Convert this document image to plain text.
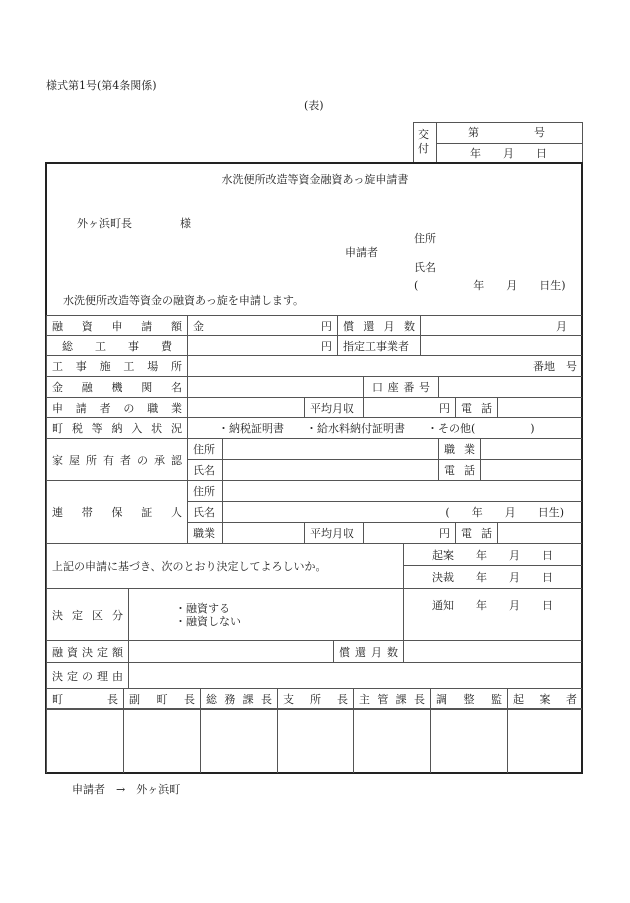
様式第1号(第4条関係)
(表)
交付
第　　　　　号
年　　月　　日
水洗便所改造等資金融資あっ旋申請書
外ヶ浜町長	様
住所
申請者
氏名
(　　　　　年　　月　　日生)
水洗便所改造等資金の融資あっ旋を申請します。
融資申請額 金	円 償還月数	月
総工事費	円	指定工事業者
工事施工場所	番地　号
金融機関名	口座番号
申請者の職業	平均月収	円	電話
町税等納入状況	・納税証明書 ・給水料納付証明書 ・その他(　　　　　)
家屋所有者の承認
住所	職業
氏名	電話
連帯保証人
住所
氏名	(　　年　　月　　日生)
職業	平均月収	円	電話
上記の申請に基づき、次のとおり決定してよろしいか。
起案 年 月 日
決裁 年 月 日
決定区分
・融資する
・融資しない
通知 年 月 日
融資決定額	償還月数
決定の理由
町長 副町長 総務課長 支所長 主管課長 調整監 起案者
申請者　→　外ヶ浜町
